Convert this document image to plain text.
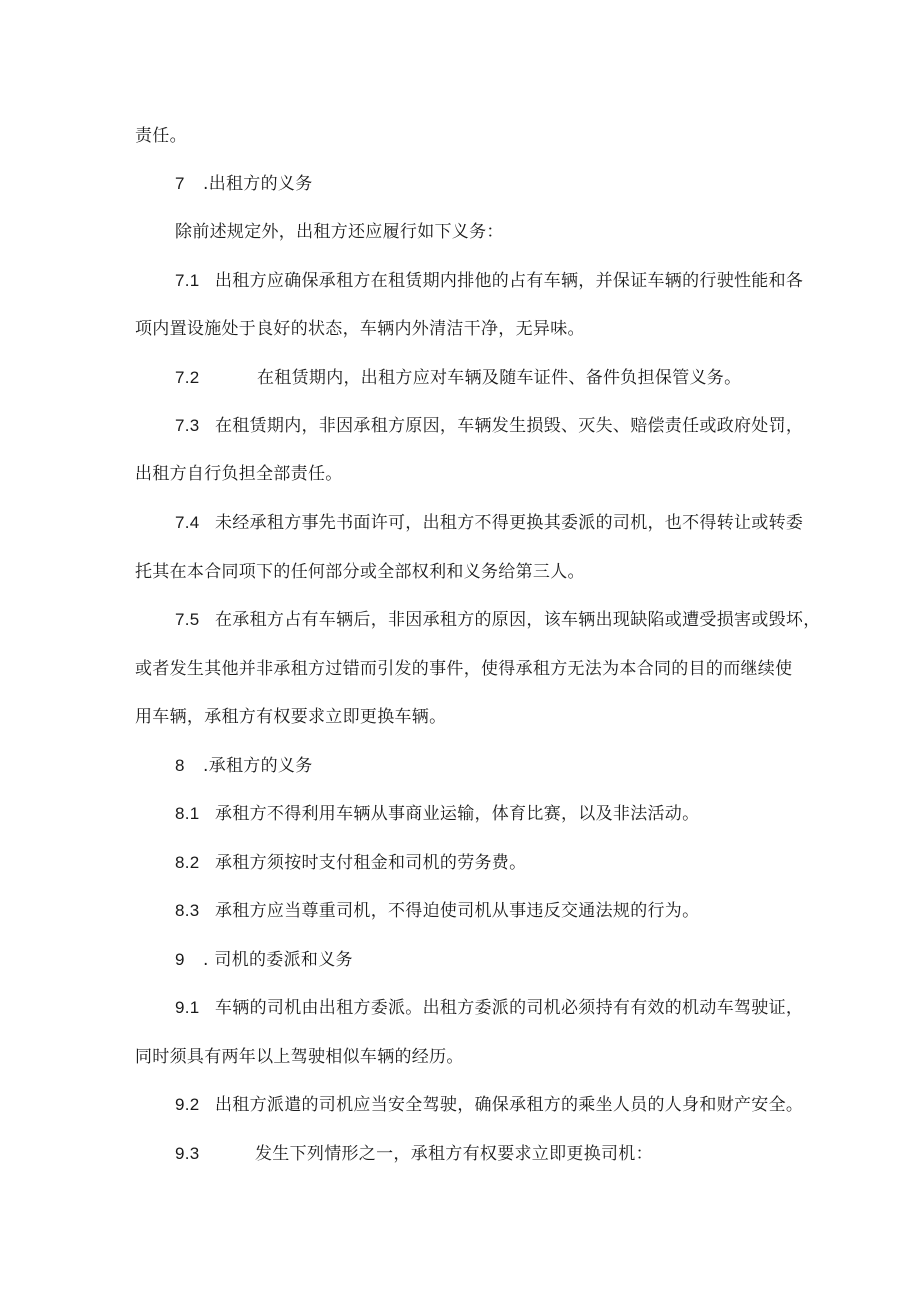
责任。
7 .出租方的义务
除前述规定外，出租方还应履行如下义务：
7.1 出租方应确保承租方在租赁期内排他的占有车辆，并保证车辆的行驶性能和各
项内置设施处于良好的状态，车辆内外清洁干净，无异味。
7.2	在租赁期内，出租方应对车辆及随车证件、备件负担保管义务。
7.3 在租赁期内，非因承租方原因，车辆发生损毁、灭失、赔偿责任或政府处罚，
出租方自行负担全部责任。
7.4 未经承租方事先书面许可，出租方不得更换其委派的司机，也不得转让或转委
托其在本合同项下的任何部分或全部权利和义务给第三人。
7.5 在承租方占有车辆后，非因承租方的原因，该车辆出现缺陷或遭受损害或毁坏，
或者发生其他并非承租方过错而引发的事件，使得承租方无法为本合同的目的而继续使
用车辆，承租方有权要求立即更换车辆。
8 .承租方的义务
8.1 承租方不得利用车辆从事商业运输，体育比赛，以及非法活动。
8.2 承租方须按时支付租金和司机的劳务费。
8.3 承租方应当尊重司机，不得迫使司机从事违反交通法规的行为。
9 . 司机的委派和义务
9.1 车辆的司机由出租方委派。出租方委派的司机必须持有有效的机动车驾驶证，
同时须具有两年以上驾驶相似车辆的经历。
9.2 出租方派遣的司机应当安全驾驶，确保承租方的乘坐人员的人身和财产安全。
9.3	发生下列情形之一，承租方有权要求立即更换司机：
